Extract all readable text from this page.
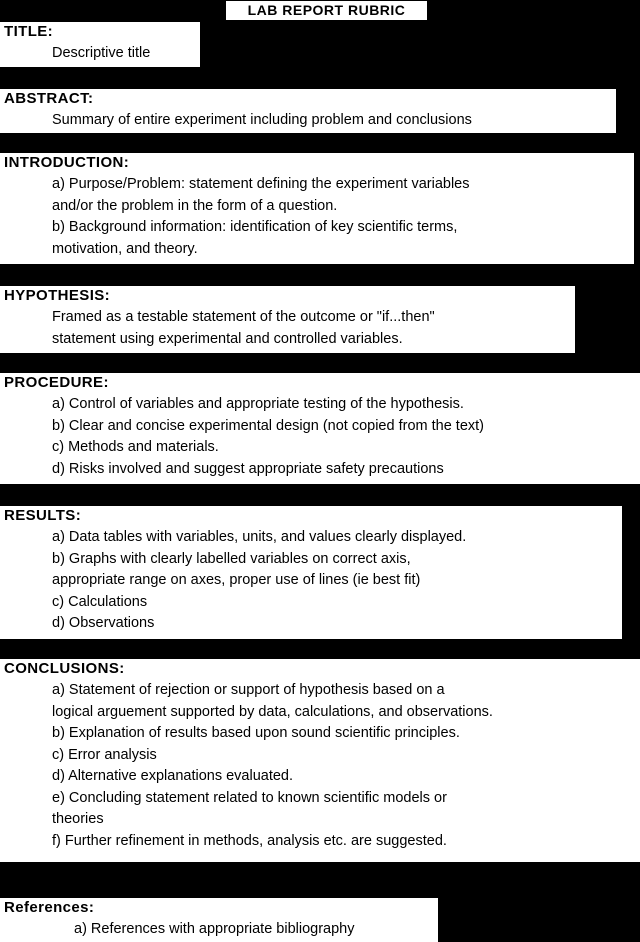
LAB REPORT RUBRIC
TITLE:
Descriptive title
ABSTRACT:
Summary of entire experiment including problem and conclusions
INTRODUCTION:
a) Purpose/Problem: statement defining the experiment variables
and/or the problem in the form of a question.
b) Background information: identification of key scientific terms,
motivation, and theory.
HYPOTHESIS:
Framed as a testable statement of the outcome or "if...then"
statement using experimental and controlled variables.
PROCEDURE:
a) Control of variables and appropriate testing of the hypothesis.
b) Clear and concise experimental design (not copied from the text)
c) Methods and materials.
d) Risks involved and suggest appropriate safety precautions
RESULTS:
a) Data tables with variables, units, and values clearly displayed.
b) Graphs with clearly labelled variables on correct axis,
appropriate range on axes, proper use of lines (ie best fit)
c) Calculations
d) Observations
CONCLUSIONS:
a) Statement of rejection or support of hypothesis based on a
logical arguement supported by data, calculations, and observations.
b) Explanation of results based upon sound scientific principles.
c) Error analysis
d) Alternative explanations evaluated.
e) Concluding statement related to known scientific models or
theories
f) Further refinement in methods, analysis etc. are suggested.
References:
a) References with appropriate bibliography
